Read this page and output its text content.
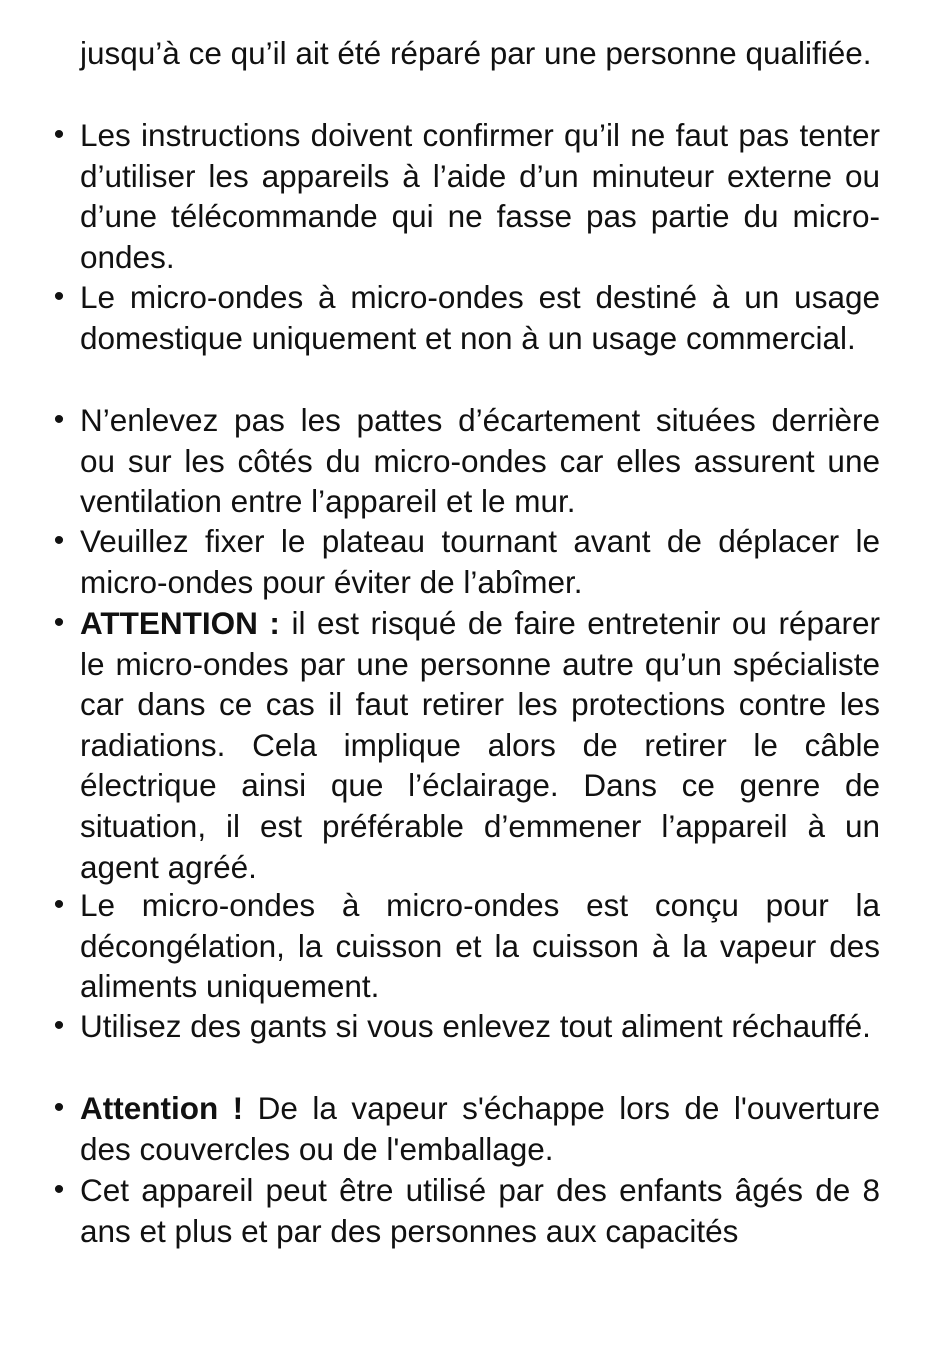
jusqu’à ce qu’il ait été réparé par une personne qualifiée.

• Les instructions doivent confirmer qu’il ne faut pas tenter d’utiliser les appareils à l’aide d’un minuteur externe ou d’une télécommande qui ne fasse pas partie du micro-ondes.

• Le micro-ondes à micro-ondes est destiné à un usage domestique uniquement et non à un usage commercial.

• N’enlevez pas les pattes d’écartement situées derrière ou sur les côtés du micro-ondes car elles assurent une ventilation entre l’appareil et le mur.

• Veuillez fixer le plateau tournant avant de déplacer le micro-ondes pour éviter de l’abîmer.

• ATTENTION : il est risqué de faire entretenir ou réparer le micro-ondes par une personne autre qu’un spécialiste car dans ce cas il faut retirer les protections contre les radiations. Cela implique alors de retirer le câble électrique ainsi que l’éclairage. Dans ce genre de situation, il est préférable d’emmener l’appareil à un agent agréé.

• Le micro-ondes à micro-ondes est conçu pour la décongélation, la cuisson et la cuisson à la vapeur des aliments uniquement.

• Utilisez des gants si vous enlevez tout aliment réchauffé.

• Attention ! De la vapeur s'échappe lors de l'ouverture des couvercles ou de l'emballage.

• Cet appareil peut être utilisé par des enfants âgés de 8 ans et plus et par des personnes aux capacités
